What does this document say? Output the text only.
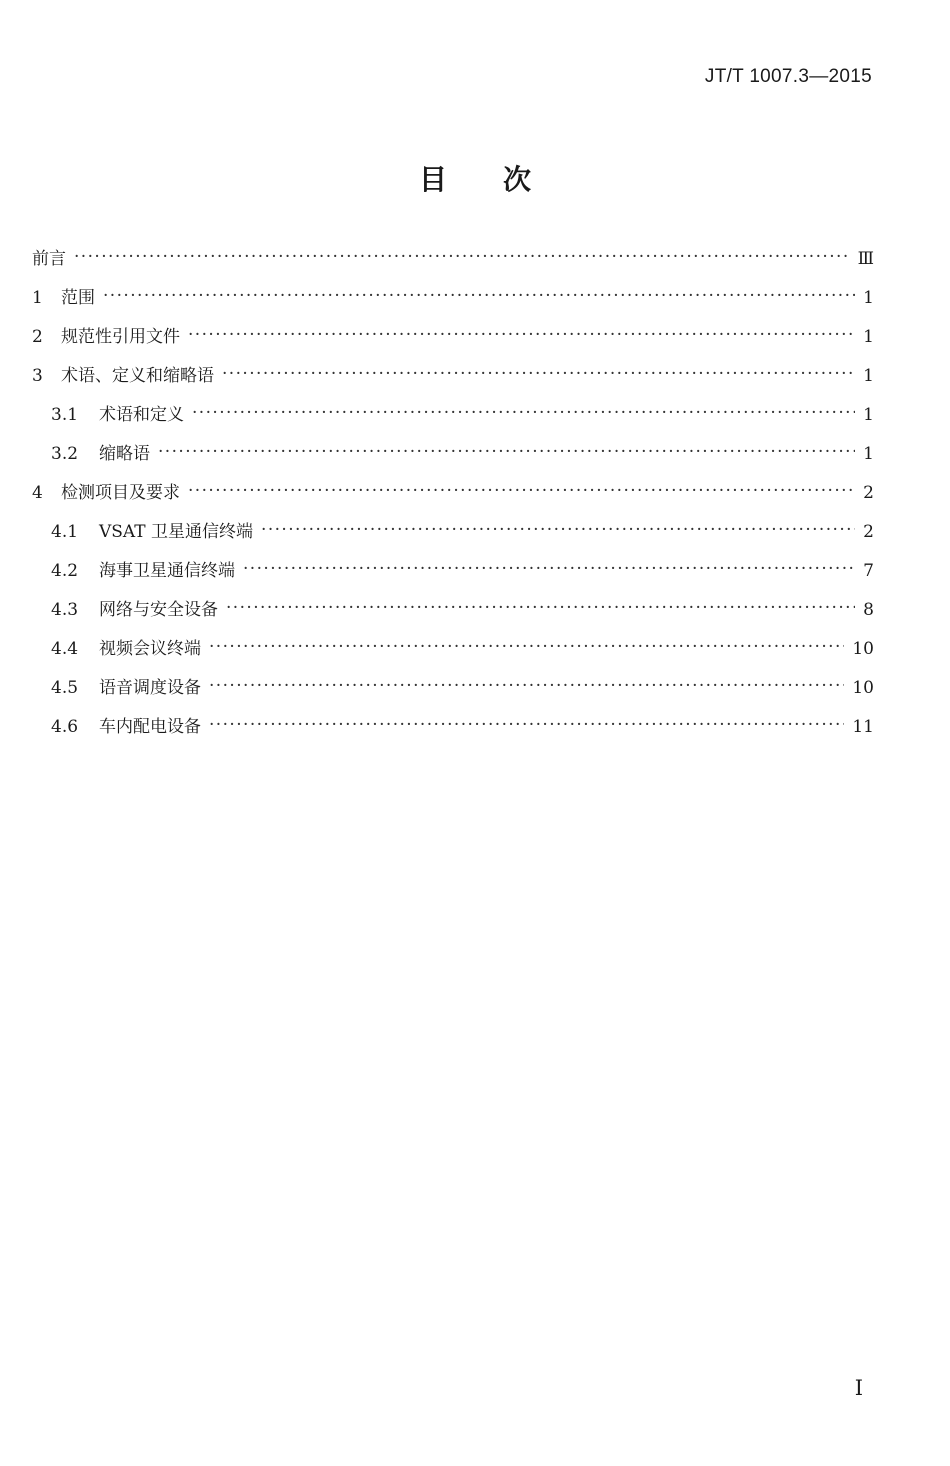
JT/T 1007.3—2015
目　　次
前言 ·····	Ⅲ
1	范围 ·····	1
2	规范性引用文件 ·····	1
3	术语、定义和缩略语 ·····	1
3.1	术语和定义 ·····	1
3.2	缩略语 ·····	1
4	检测项目及要求 ·····	2
4.1	VSAT 卫星通信终端 ·····	2
4.2	海事卫星通信终端 ·····	7
4.3	网络与安全设备 ·····	8
4.4	视频会议终端 ·····	10
4.5	语音调度设备 ·····	10
4.6	车内配电设备 ·····	11
I
